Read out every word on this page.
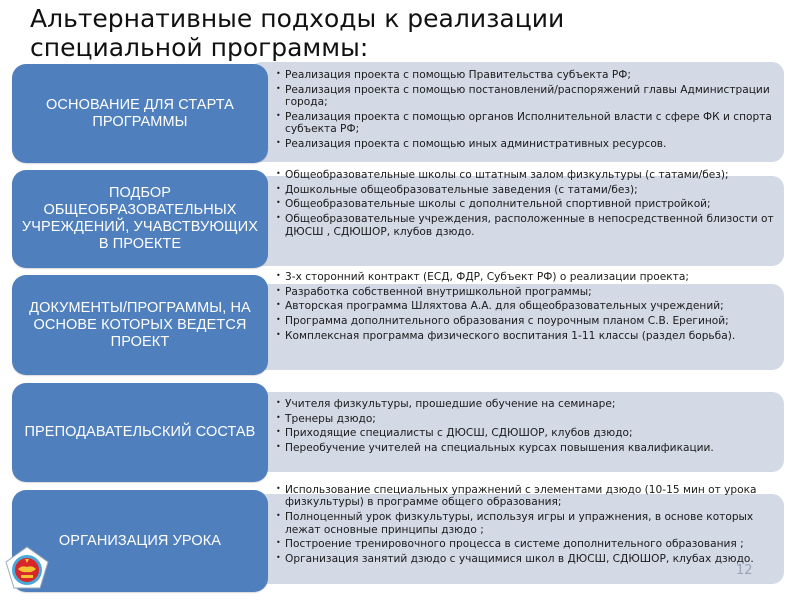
Альтернативные подходы к реализации
специальной программы:
ОСНОВАНИЕ ДЛЯ СТАРТА ПРОГРАММЫ
• Реализация проекта с помощью Правительства субъекта РФ;
• Реализация проекта с помощью постановлений/распоряжений главы Администрации города;
• Реализация проекта с помощью органов Исполнительной власти с сфере ФК и спорта субъекта РФ;
• Реализация проекта с помощью иных административных ресурсов.
ПОДБОР ОБЩЕОБРАЗОВАТЕЛЬНЫХ УЧРЕЖДЕНИЙ, УЧАВСТВУЮЩИХ В ПРОЕКТЕ
• Общеобразовательные школы со штатным залом физкультуры (с татами/без);
• Дошкольные общеобразовательные заведения (с татами/без);
• Общеобразовательные школы с дополнительной спортивной пристройкой;
• Общеобразовательные учреждения, расположенные в непосредственной близости от ДЮСШ , СДЮШОР, клубов дзюдо.
ДОКУМЕНТЫ/ПРОГРАММЫ, НА ОСНОВЕ КОТОРЫХ ВЕДЕТСЯ ПРОЕКТ
• 3-х сторонний контракт (ЕСД, ФДР, Субъект РФ) о реализации проекта;
• Разработка собственной внутришкольной программы;
• Авторская программа Шляхтова А.А. для общеобразовательных учреждений;
• Программа дополнительного образования с поурочным планом С.В. Eрегиной;
• Комплексная программа физического воспитания 1-11 классы (раздел борьба).
ПРЕПОДАВАТЕЛЬСКИЙ СОСТАВ
• Учителя физкультуры, прошедшие обучение на семинаре;
• Тренеры дзюдо;
• Приходящие специалисты с ДЮСШ, СДЮШОР, клубов дзюдо;
• Переобучение учителей на специальных курсах повышения квалификации.
ОРГАНИЗАЦИЯ УРОКА
• Использование специальных упражнений с элементами дзюдо (10-15 мин от урока физкультуры) в программе общего образования;
• Полноценный урок физкультуры, используя игры и упражнения, в основе которых лежат основные принципы дзюдо ;
• Построение тренировочного процесса в системе дополнительного образования ;
• Организация занятий дзюдо с учащимися школ в ДЮСШ, СДЮШОР, клубах дзюдо.
12
